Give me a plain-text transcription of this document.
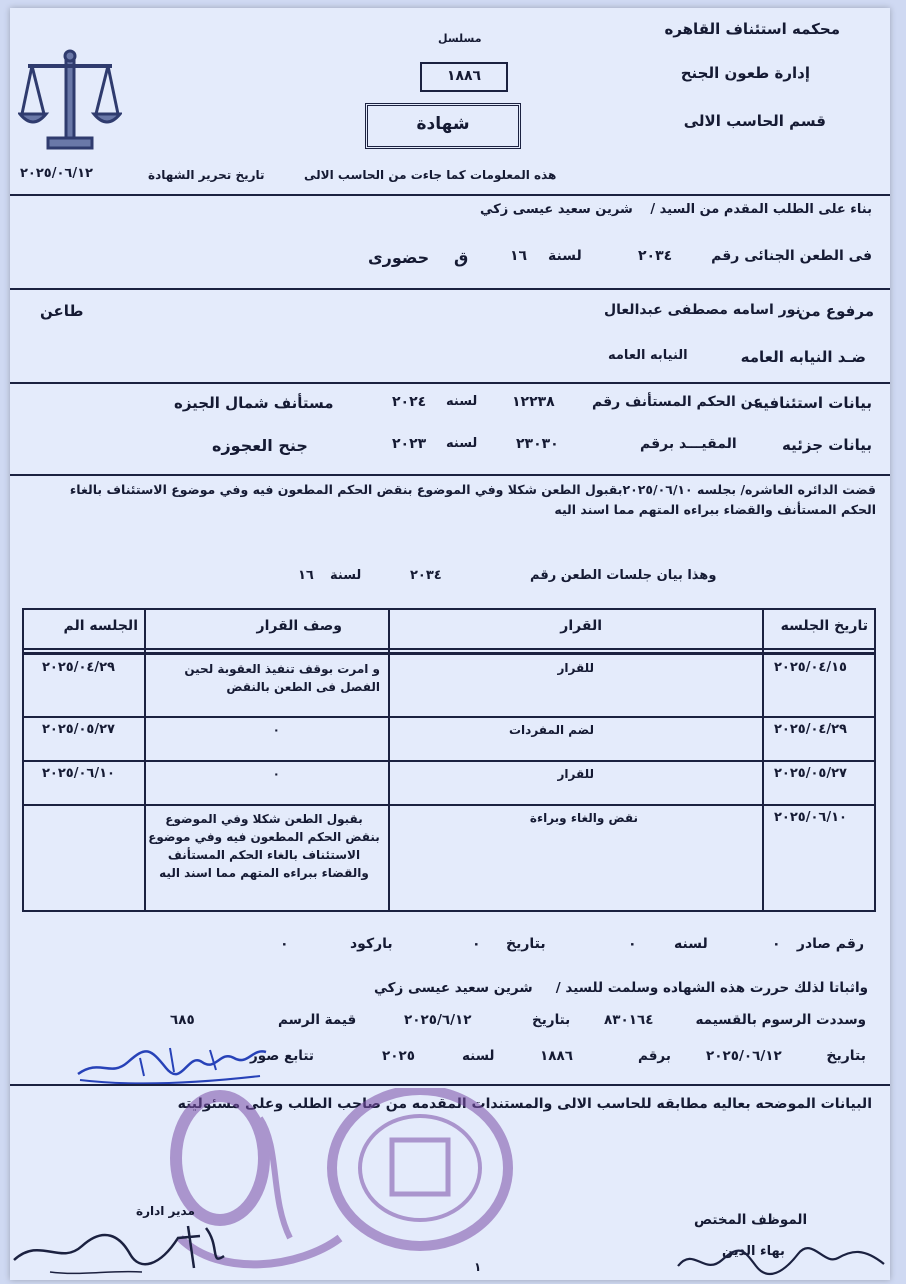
محكمه استئناف القاهره
إدارة طعون الجنح
قسم الحاسب الالى
مسلسل
١٨٨٦
شهادة
هذه المعلومات كما جاءت من الحاسب الالى
تاريخ تحرير الشهادة
٢٠٢٥/٠٦/١٢
بناء على الطلب المقدم من السيد /
شرين سعيد عيسى زكي
فى الطعن الجنائى رقم
٢٠٣٤
لسنة
١٦
ق
حضورى
مرفوع من
نور اسامه مصطفى عبدالعال
طاعن
ضـد النيابه العامه
النيابه العامه
بيانات استئنافيه
عن الحكم المستأنف رقم
١٢٢٣٨
لسنه
٢٠٢٤
مستأنف شمال الجيزه
بيانات جزئيه
المقيـــد برقم
٢٣٠٣٠
لسنه
٢٠٢٣
جنح العجوزه
قضت الدائره العاشره/ بجلسه ٢٠٢٥/٠٦/١٠بقبول الطعن شكلا وفي الموضوع بنقض الحكم المطعون فيه وفي موضوع الاستئناف بالغاء
الحكم المستأنف والقضاء ببراءه المتهم مما اسند اليه
وهذا بيان جلسات الطعن رقم
٢٠٣٤
لسنة
١٦
تاريخ الجلسه
القرار
وصف القرار
الجلسه الم
٢٠٢٥/٠٤/١٥
للقرار
و امرت بوقف تنفيذ العقوبة لحين الفصل فى الطعن بالنقض
٢٠٢٥/٠٤/٢٩
٢٠٢٥/٠٤/٢٩
لضم المفردات
٠
٢٠٢٥/٠٥/٢٧
٢٠٢٥/٠٥/٢٧
للقرار
٠
٢٠٢٥/٠٦/١٠
٢٠٢٥/٠٦/١٠
نقض والغاء وبراءة
بقبول الطعن شكلا وفي الموضوع بنقض الحكم المطعون فيه وفي موضوع الاستئناف بالغاء الحكم المستأنف والقضاء ببراءه المتهم مما اسند اليه
رقم صادر
٠
لسنه
٠
بتاريخ
٠
باركود
٠
واثباتا لذلك حررت هذه الشهاده وسلمت للسيد /
شرين سعيد عيسى زكي
وسددت الرسوم بالقسيمه
٨٣٠١٦٤
بتاريخ
٢٠٢٥/٦/١٢
قيمة الرسم
٦٨٥
بتاريخ
٢٠٢٥/٠٦/١٢
برقم
١٨٨٦
لسنه
٢٠٢٥
تتابع صور
البيانات الموضحه بعاليه مطابقه للحاسب الالى والمستندات المقدمه من صاحب الطلب وعلى مسئوليته
مدير ادارة
الموظف المختص
بهاء الدين
١
